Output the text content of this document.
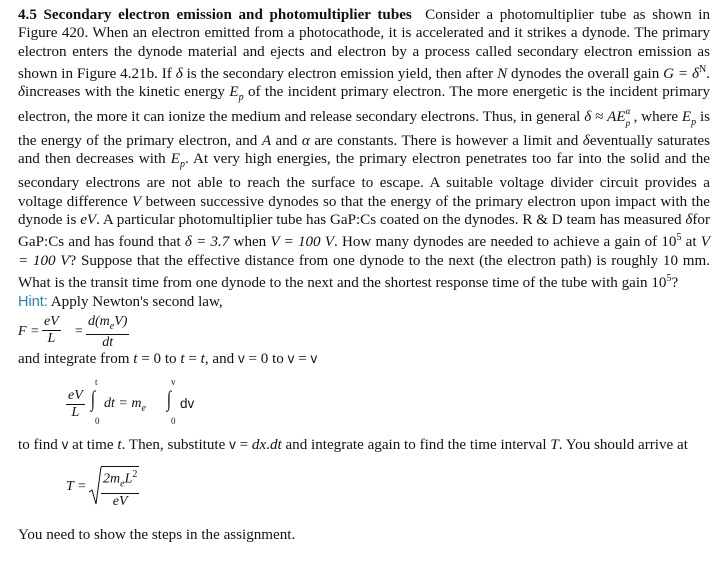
4.5 Secondary electron emission and photomultiplier tubes Consider a photomultiplier tube as shown in Figure 420. When an electron emitted from a photocathode, it is accelerated and it strikes a dynode. The primary electron enters the dynode material and ejects and electron by a process called secondary electron emission as shown in Figure 4.21b. If δ is the secondary electron emission yield, then after N dynodes the overall gain $G = \delta^N$. δincreases with the kinetic energy $E_p$ of the incident primary electron. The more energetic is the incident primary electron, the more it can ionize the medium and release secondary electrons. Thus, in general δ ≈ AE α
p , where $E_p$ is the energy of the primary electron, and A and α are constants. There is however a limit and δeventually saturates and then decreases with $E_p$. At very high energies, the primary electron penetrates too far into the solid and the secondary electrons are not able to reach the surface to escape. A suitable voltage divider circuit provides a voltage difference V between successive dynodes so that the energy of the primary electron upon impact with the dynode is eV. A particular photomultiplier tube has GaP:Cs coated on the dynodes. R & D team has measured δfor GaP:Cs and has found that δ = 3.7 when V = 100 V. How many dynodes are needed to achieve a gain of $10^5$ at V = 100 V? Suppose that the effective distance from one dynode to the next (the electron path) is roughly 10 mm. What is the transit time from one dynode to the next and the shortest response time of the tube with gain $10^5$?

Hint: Apply Newton's second law,
$F = \frac{eV}{L}$ =
$d(m_eV)$
dt

and integrate from t = 0 to t = t, and v = 0 to v = v

$\frac{eV}{L}$
t
∫
0
dt = $m_e$
v
∫
0
dv

to find v at time t. Then, substitute v = dx.dt and integrate again to find the time interval T. You should arrive at

$T = 2m_eL^2$
eV

You need to show the steps in the assignment.
